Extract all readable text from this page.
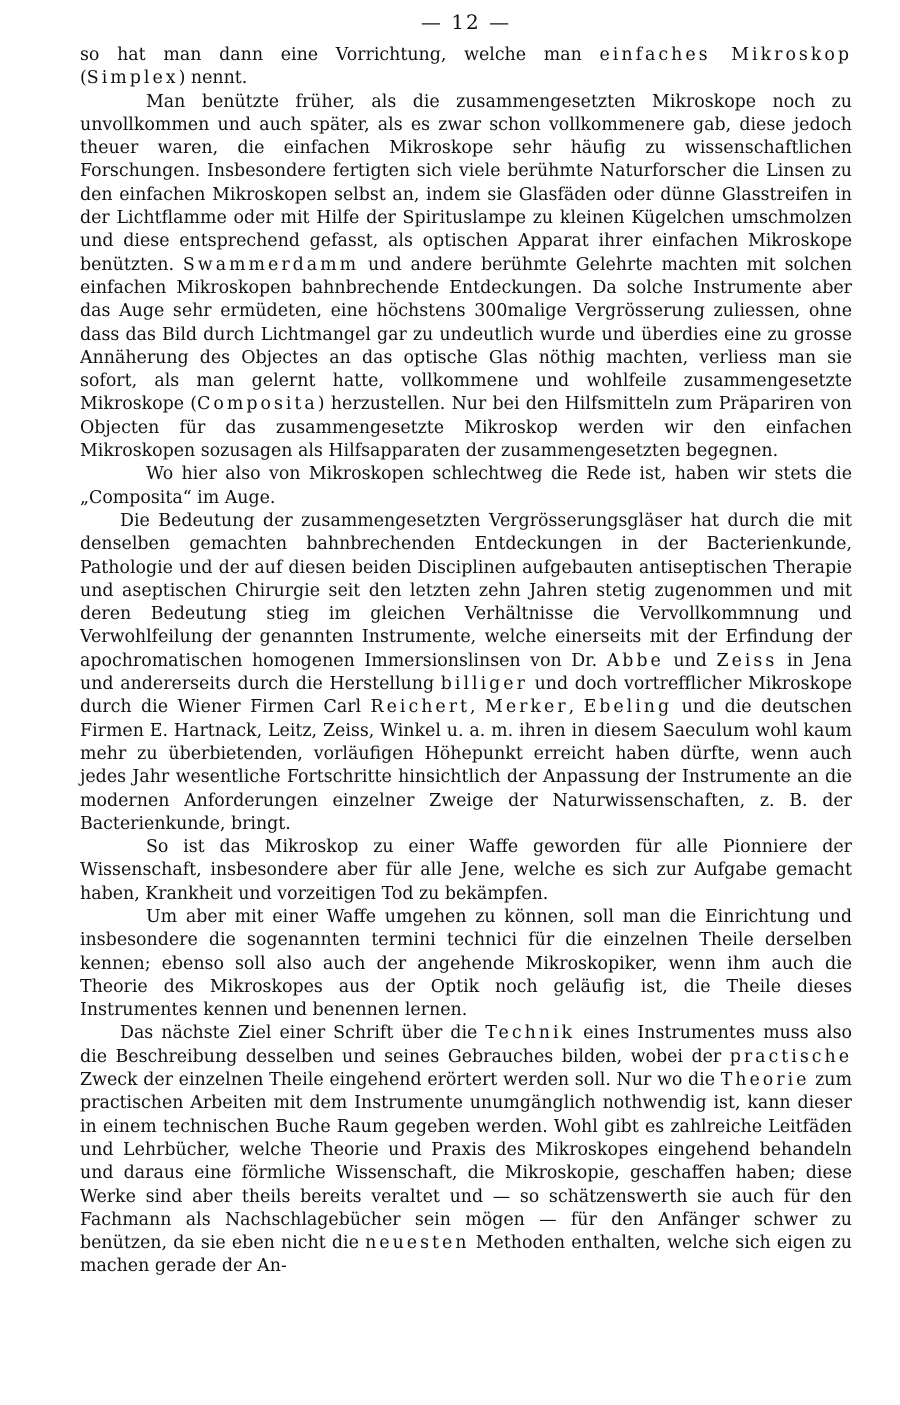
— 12 —

so hat man dann eine Vorrichtung, welche man einfaches Mikroskop (Simplex) nennt.

Man benützte früher, als die zusammengesetzten Mikroskope noch zu unvollkommen und auch später, als es zwar schon vollkommenere gab, diese jedoch theuer waren, die einfachen Mikroskope sehr häufig zu wissenschaftlichen Forschungen. Insbesondere fertigten sich viele berühmte Naturforscher die Linsen zu den einfachen Mikroskopen selbst an, indem sie Glasfäden oder dünne Glasstreifen in der Lichtflamme oder mit Hilfe der Spirituslampe zu kleinen Kügelchen umschmolzen und diese entsprechend gefasst, als optischen Apparat ihrer einfachen Mikroskope benützten. Swammerdamm und andere berühmte Gelehrte machten mit solchen einfachen Mikroskopen bahnbrechende Entdeckungen. Da solche Instrumente aber das Auge sehr ermüdeten, eine höchstens 300malige Vergrösserung zuliessen, ohne dass das Bild durch Lichtmangel gar zu undeutlich wurde und überdies eine zu grosse Annäherung des Objectes an das optische Glas nöthig machten, verliess man sie sofort, als man gelernt hatte, vollkommene und wohlfeile zusammengesetzte Mikroskope (Composita) herzustellen. Nur bei den Hilfsmitteln zum Präpariren von Objecten für das zusammengesetzte Mikroskop werden wir den einfachen Mikroskopen sozusagen als Hilfsapparaten der zusammengesetzten begegnen.

Wo hier also von Mikroskopen schlechtweg die Rede ist, haben wir stets die „Composita“ im Auge.

Die Bedeutung der zusammengesetzten Vergrösserungsgläser hat durch die mit denselben gemachten bahnbrechenden Entdeckungen in der Bacterienkunde, Pathologie und der auf diesen beiden Disciplinen aufgebauten antiseptischen Therapie und aseptischen Chirurgie seit den letzten zehn Jahren stetig zugenommen und mit deren Bedeutung stieg im gleichen Verhältnisse die Vervollkommnung und Verwohlfeilung der genannten Instrumente, welche einerseits mit der Erfindung der apochromatischen homogenen Immersionslinsen von Dr. Abbe und Zeiss in Jena und andererseits durch die Herstellung billiger und doch vortrefflicher Mikroskope durch die Wiener Firmen Carl Reichert, Merker, Ebeling und die deutschen Firmen E. Hartnack, Leitz, Zeiss, Winkel u. a. m. ihren in diesem Saeculum wohl kaum mehr zu überbietenden, vorläufigen Höhepunkt erreicht haben dürfte, wenn auch jedes Jahr wesentliche Fortschritte hinsichtlich der Anpassung der Instrumente an die modernen Anforderungen einzelner Zweige der Naturwissenschaften, z. B. der Bacterienkunde, bringt.

So ist das Mikroskop zu einer Waffe geworden für alle Pionniere der Wissenschaft, insbesondere aber für alle Jene, welche es sich zur Aufgabe gemacht haben, Krankheit und vorzeitigen Tod zu bekämpfen.

Um aber mit einer Waffe umgehen zu können, soll man die Einrichtung und insbesondere die sogenannten termini technici für die einzelnen Theile derselben kennen; ebenso soll also auch der angehende Mikroskopiker, wenn ihm auch die Theorie des Mikroskopes aus der Optik noch geläufig ist, die Theile dieses Instrumentes kennen und benennen lernen.

Das nächste Ziel einer Schrift über die Technik eines Instrumentes muss also die Beschreibung desselben und seines Gebrauches bilden, wobei der practische Zweck der einzelnen Theile eingehend erörtert werden soll. Nur wo die Theorie zum practischen Arbeiten mit dem Instrumente unumgänglich nothwendig ist, kann dieser in einem technischen Buche Raum gegeben werden. Wohl gibt es zahlreiche Leitfäden und Lehrbücher, welche Theorie und Praxis des Mikroskopes eingehend behandeln und daraus eine förmliche Wissenschaft, die Mikroskopie, geschaffen haben; diese Werke sind aber theils bereits veraltet und — so schätzenswerth sie auch für den Fachmann als Nachschlagebücher sein mögen — für den Anfänger schwer zu benützen, da sie eben nicht die neuesten Methoden enthalten, welche sich eigen zu machen gerade der An-
